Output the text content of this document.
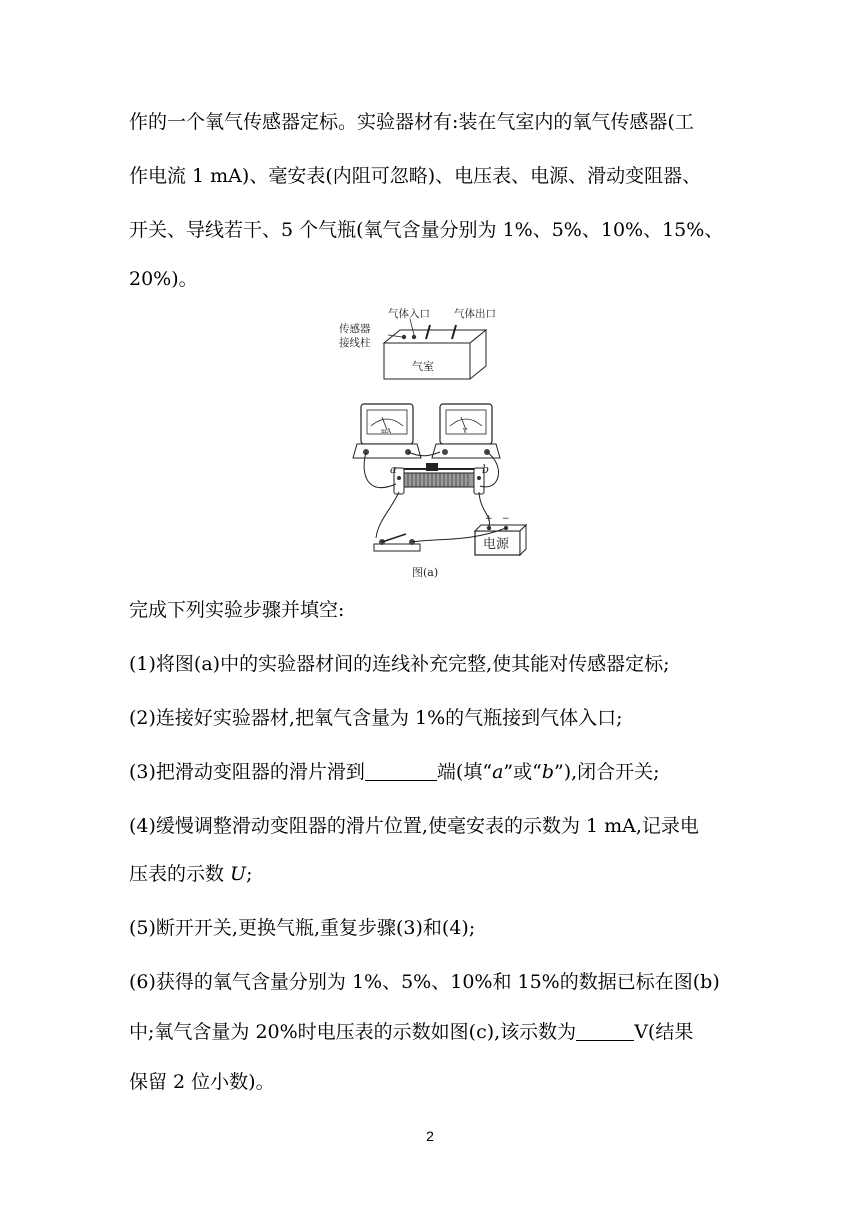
作的一个氧气传感器定标。实验器材有:装在气室内的氧气传感器(工
作电流 1 mA)、毫安表(内阻可忽略)、电压表、电源、滑动变阻器、
开关、导线若干、5 个气瓶(氧气含量分别为 1%、5%、10%、15%、
20%)。
气体入口 气体出口
传感器
接线柱
气室
mA	V
a	b
+ −
电源
图(a)
完成下列实验步骤并填空:
(1)将图(a)中的实验器材间的连线补充完整,使其能对传感器定标;
(2)连接好实验器材,把氧气含量为 1%的气瓶接到气体入口;
(3)把滑动变阻器的滑片滑到	端(填“a”或“b”),闭合开关;
(4)缓慢调整滑动变阻器的滑片位置,使毫安表的示数为 1 mA,记录电
压表的示数 U;
(5)断开开关,更换气瓶,重复步骤(3)和(4);
(6)获得的氧气含量分别为 1%、5%、10%和 15%的数据已标在图(b)
中;氧气含量为 20%时电压表的示数如图(c),该示数为	V(结果
保留 2 位小数)。
2
